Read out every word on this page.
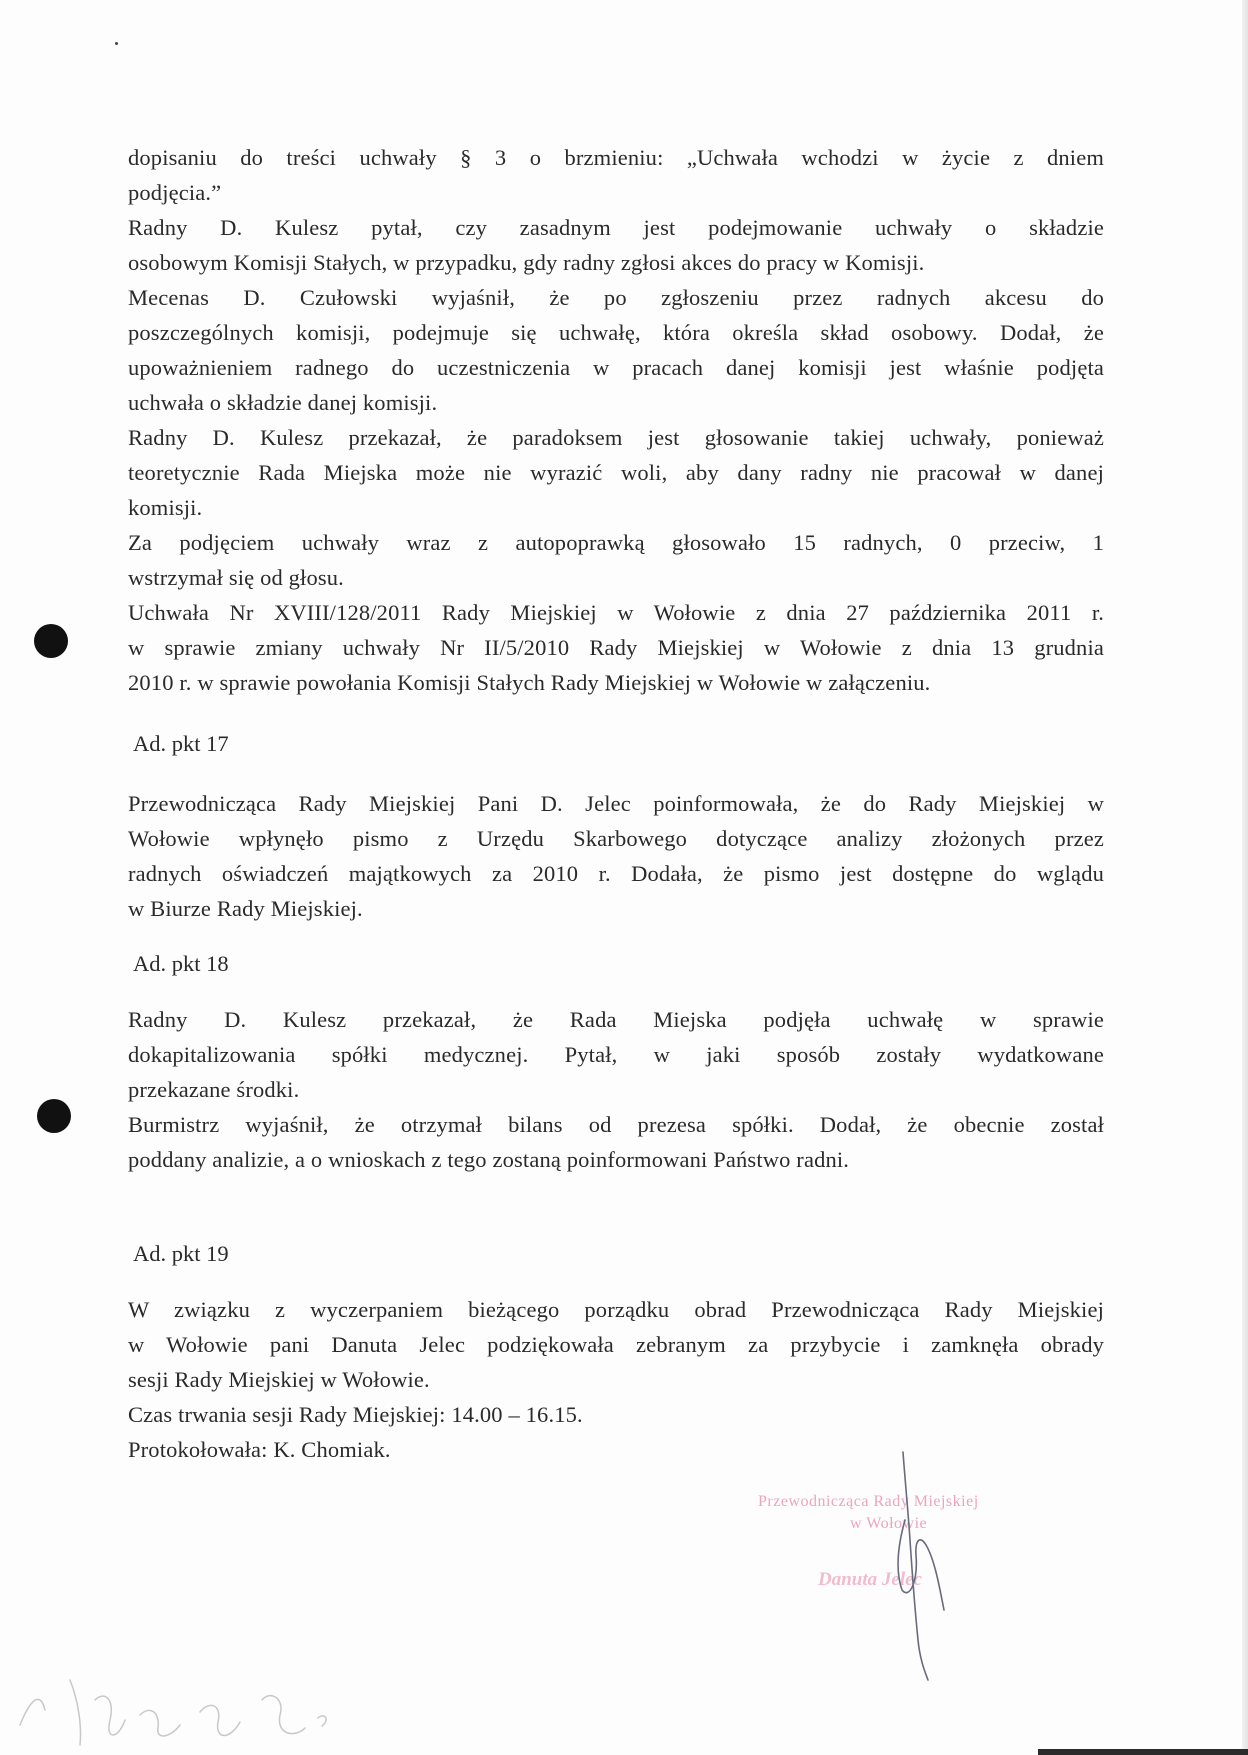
dopisaniu do treści uchwały § 3 o brzmieniu: „Uchwała wchodzi w życie z dniem

podjęcia.”

Radny D. Kulesz pytał, czy zasadnym jest podejmowanie uchwały o składzie

osobowym Komisji Stałych, w przypadku, gdy radny zgłosi akces do pracy w Komisji.

Mecenas D. Czułowski wyjaśnił, że po zgłoszeniu przez radnych akcesu do

poszczególnych komisji, podejmuje się uchwałę, która określa skład osobowy. Dodał, że

upoważnieniem radnego do uczestniczenia w pracach danej komisji jest właśnie podjęta

uchwała o składzie danej komisji.

Radny D. Kulesz przekazał, że paradoksem jest głosowanie takiej uchwały, ponieważ

teoretycznie Rada Miejska może nie wyrazić woli, aby dany radny nie pracował w danej

komisji.

Za podjęciem uchwały wraz z autopoprawką głosowało 15 radnych, 0 przeciw, 1

wstrzymał się od głosu.

Uchwała Nr XVIII/128/2011 Rady Miejskiej w Wołowie z dnia 27 października 2011 r.

w sprawie zmiany uchwały Nr II/5/2010 Rady Miejskiej w Wołowie z dnia 13 grudnia

2010 r. w sprawie powołania Komisji Stałych Rady Miejskiej w Wołowie w załączeniu.

Ad. pkt 17

Przewodnicząca Rady Miejskiej Pani D. Jelec poinformowała, że do Rady Miejskiej w

Wołowie wpłynęło pismo z Urzędu Skarbowego dotyczące analizy złożonych przez

radnych oświadczeń majątkowych za 2010 r. Dodała, że pismo jest dostępne do wglądu

w Biurze Rady Miejskiej.

Ad. pkt 18

Radny D. Kulesz przekazał, że Rada Miejska podjęła uchwałę w sprawie

dokapitalizowania spółki medycznej. Pytał, w jaki sposób zostały wydatkowane

przekazane środki.

Burmistrz wyjaśnił, że otrzymał bilans od prezesa spółki. Dodał, że obecnie został

poddany analizie, a o wnioskach z tego zostaną poinformowani Państwo radni.

Ad. pkt 19

W związku z wyczerpaniem bieżącego porządku obrad Przewodnicząca Rady Miejskiej

w Wołowie pani Danuta Jelec podziękowała zebranym za przybycie i zamknęła obrady

sesji Rady Miejskiej w Wołowie.

Czas trwania sesji Rady Miejskiej: 14.00 – 16.15.

Protokołowała: K. Chomiak.

Przewodnicząca Rady Miejskiej
w Wołowie
Danuta Jelec
